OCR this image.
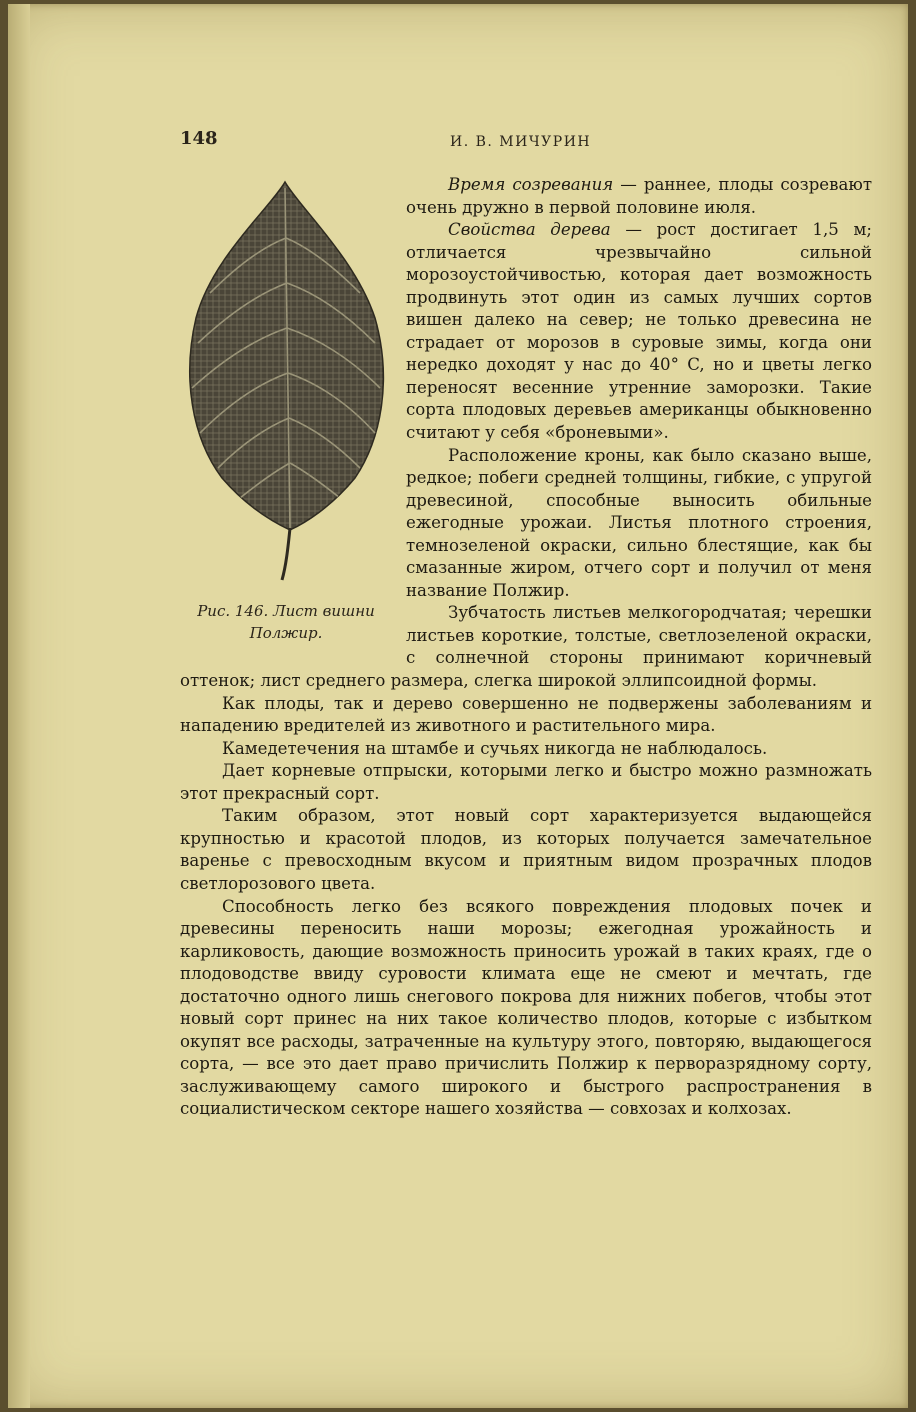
148	И. В. МИЧУРИН
Рис. 146. Лист вишни Полжир.

Время созревания — раннее, плоды созревают очень дружно в первой половине июля.

Свойства дерева — рост достигает 1,5 м; отличается чрезвычайно сильной морозоустойчивостью, которая дает возможность продвинуть этот один из самых лучших сортов вишен далеко на север; не только древесина не страдает от морозов в суровые зимы, когда они нередко доходят у нас до 40° C, но и цветы легко переносят весенние утренние заморозки. Такие сорта плодовых деревьев американцы обыкновенно считают у себя «броневыми».

Расположение кроны, как было сказано выше, редкое; побеги средней толщины, гибкие, с упругой древесиной, способные выносить обильные ежегодные урожаи. Листья плотного строения, темнозеленой окраски, сильно блестящие, как бы смазанные жиром, отчего сорт и получил от меня название Полжир.

Зубчатость листьев мелкогородчатая; черешки листьев короткие, толстые, светлозеленой окраски, с солнечной стороны принимают коричневый оттенок; лист среднего размера, слегка широкой эллипсоидной формы.

Как плоды, так и дерево совершенно не подвержены заболеваниям и нападению вредителей из животного и растительного мира.

Камедетечения на штамбе и сучьях никогда не наблюдалось.

Дает корневые отпрыски, которыми легко и быстро можно размножать этот прекрасный сорт.

Таким образом, этот новый сорт характеризуется выдающейся крупностью и красотой плодов, из которых получается замечательное варенье с превосходным вкусом и приятным видом прозрачных плодов светлорозового цвета.

Способность легко без всякого повреждения плодовых почек и древесины переносить наши морозы; ежегодная урожайность и карликовость, дающие возможность приносить урожай в таких краях, где о плодоводстве ввиду суровости климата еще не смеют и мечтать, где достаточно одного лишь снегового покрова для нижних побегов, чтобы этот новый сорт принес на них такое количество плодов, которые с избытком окупят все расходы, затраченные на культуру этого, повторяю, выдающегося сорта, — все это дает право причислить Полжир к перворазрядному сорту, заслуживающему самого широкого и быстрого распространения в социалистическом секторе нашего хозяйства — совхозах и колхозах.
